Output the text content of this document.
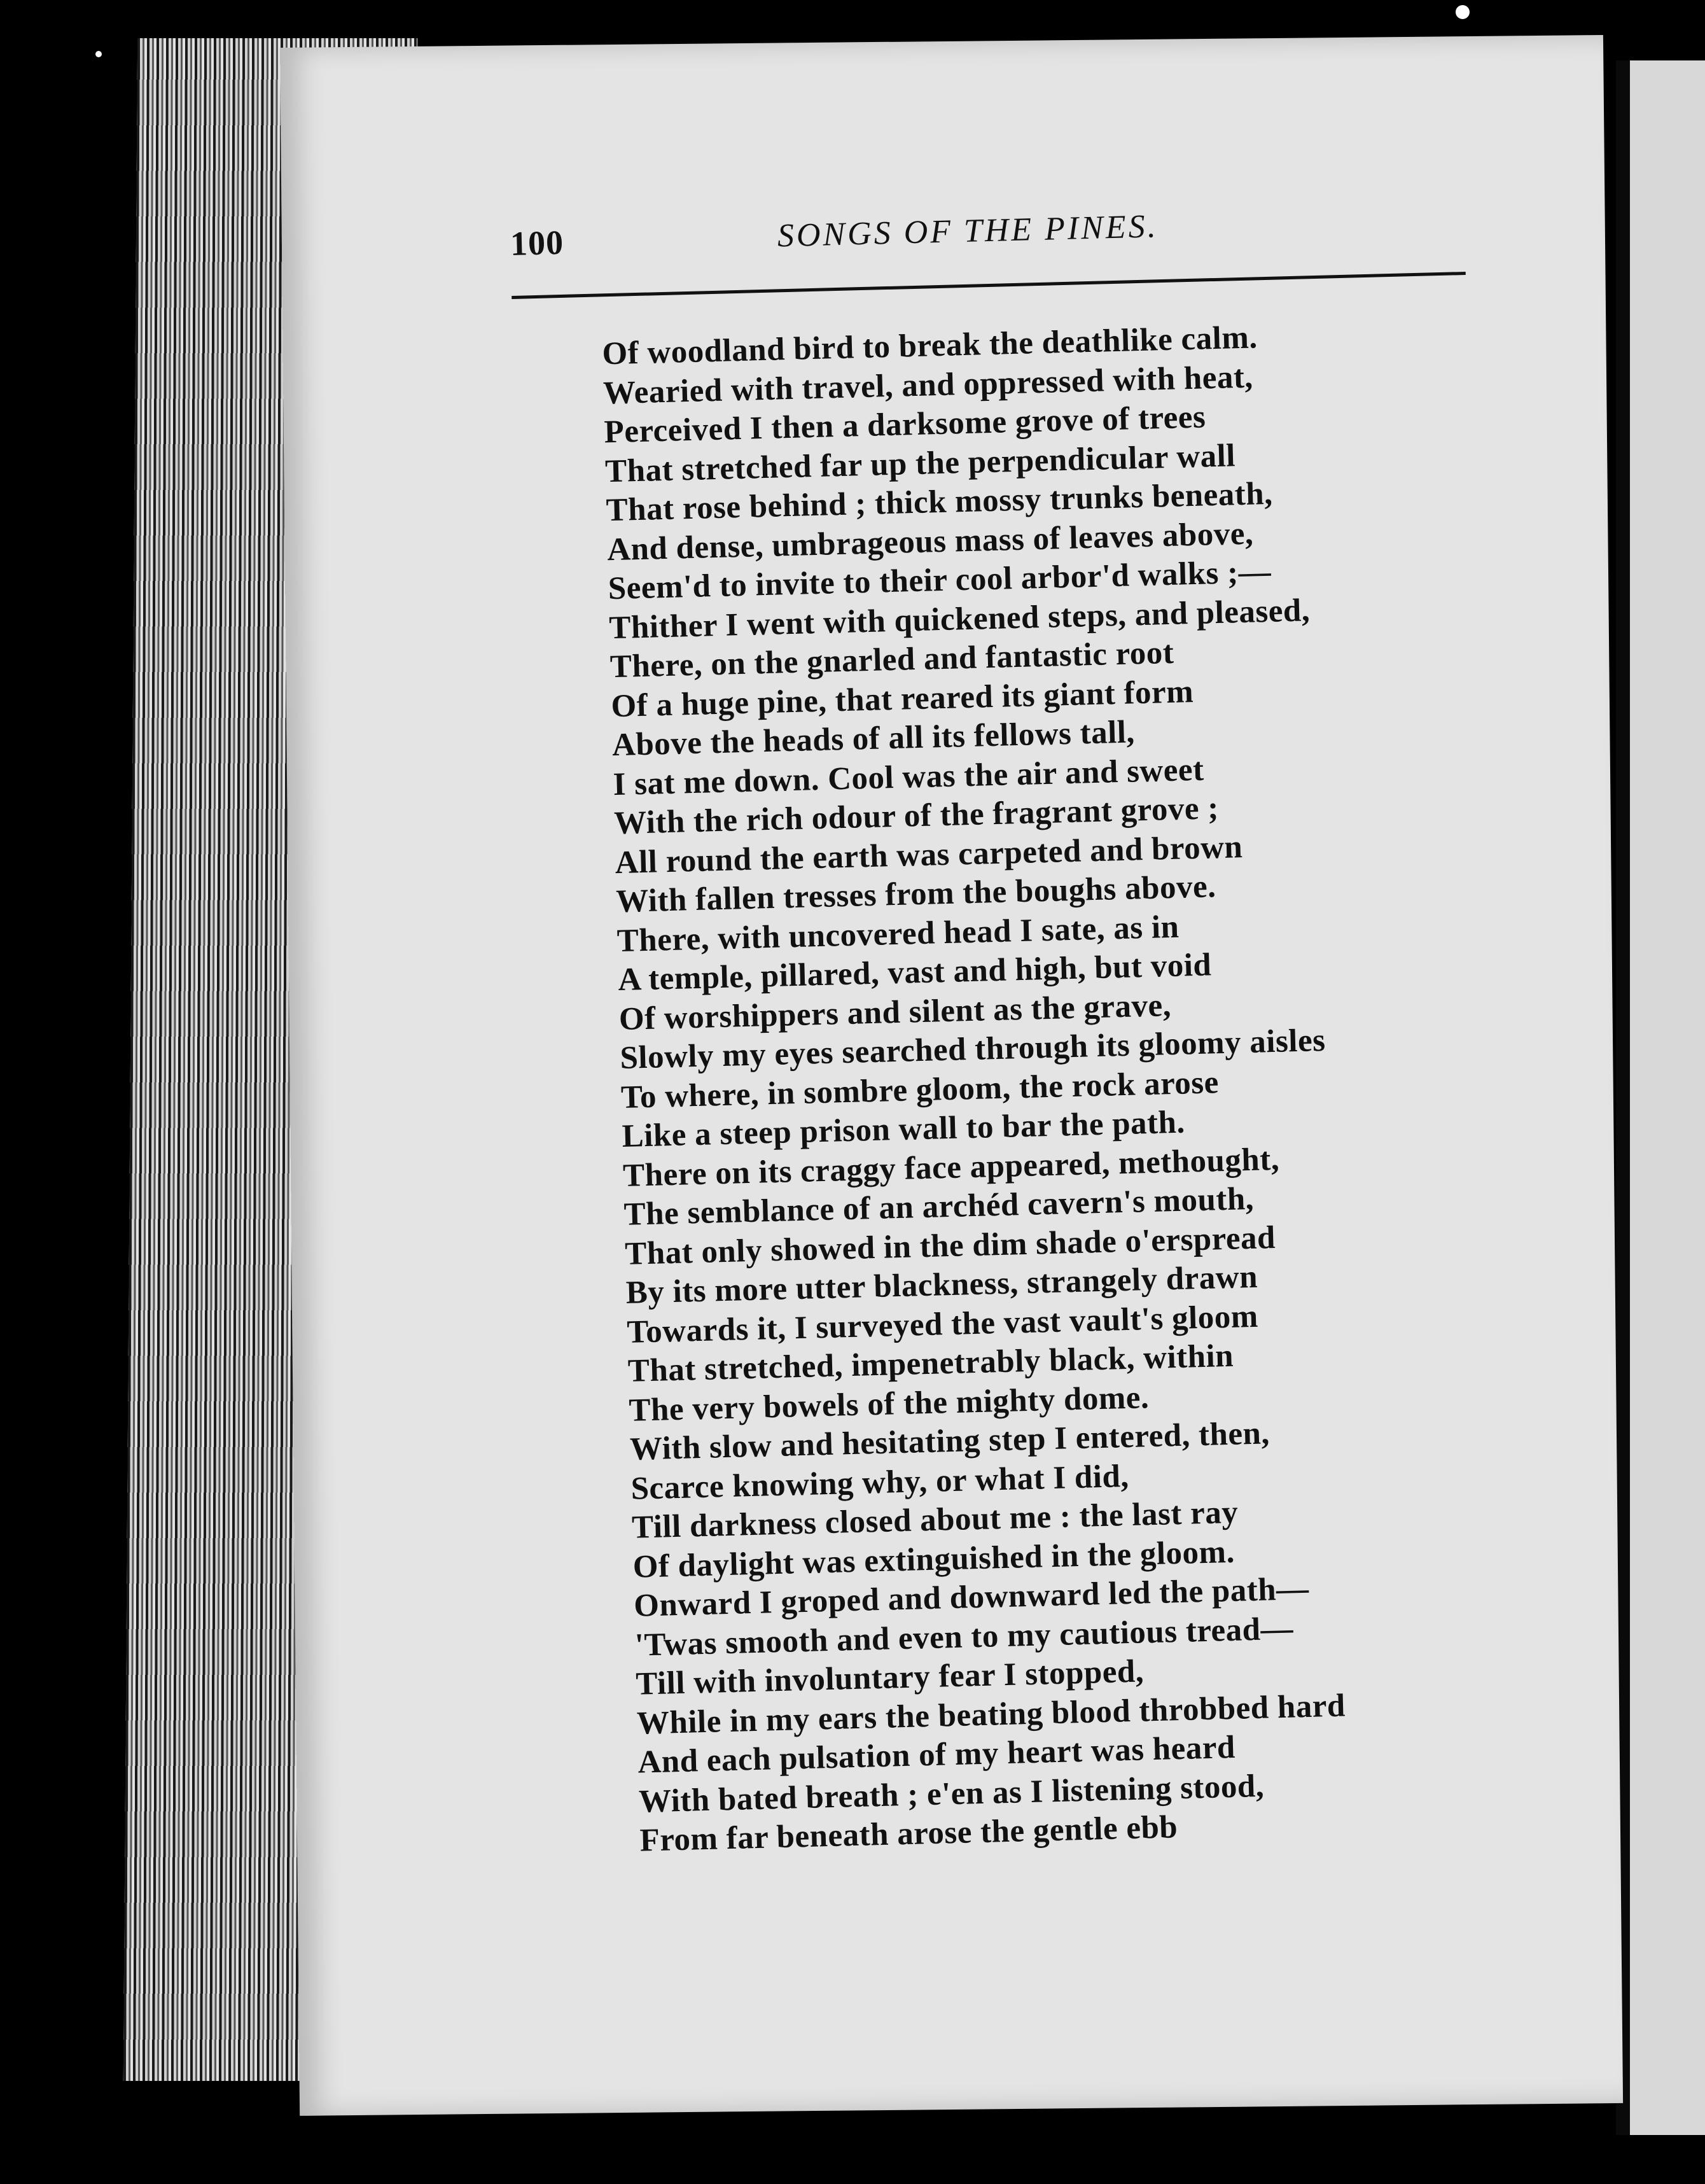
100	SONGS OF THE PINES.
Of woodland bird to break the deathlike calm.
Wearied with travel, and oppressed with heat,
Perceived I then a darksome grove of trees
That stretched far up the perpendicular wall
That rose behind ; thick mossy trunks beneath,
And dense, umbrageous mass of leaves above,
Seem'd to invite to their cool arbor'd walks ;—
Thither I went with quickened steps, and pleased,
There, on the gnarled and fantastic root
Of a huge pine, that reared its giant form
Above the heads of all its fellows tall,
I sat me down. Cool was the air and sweet
With the rich odour of the fragrant grove ;
All round the earth was carpeted and brown
With fallen tresses from the boughs above.
There, with uncovered head I sate, as in
A temple, pillared, vast and high, but void
Of worshippers and silent as the grave,
Slowly my eyes searched through its gloomy aisles
To where, in sombre gloom, the rock arose
Like a steep prison wall to bar the path.
There on its craggy face appeared, methought,
The semblance of an archéd cavern's mouth,
That only showed in the dim shade o'erspread
By its more utter blackness, strangely drawn
Towards it, I surveyed the vast vault's gloom
That stretched, impenetrably black, within
The very bowels of the mighty dome.
With slow and hesitating step I entered, then,
Scarce knowing why, or what I did,
Till darkness closed about me : the last ray
Of daylight was extinguished in the gloom.
Onward I groped and downward led the path—
'Twas smooth and even to my cautious tread—
Till with involuntary fear I stopped,
While in my ears the beating blood throbbed hard
And each pulsation of my heart was heard
With bated breath ; e'en as I listening stood,
From far beneath arose the gentle ebb
